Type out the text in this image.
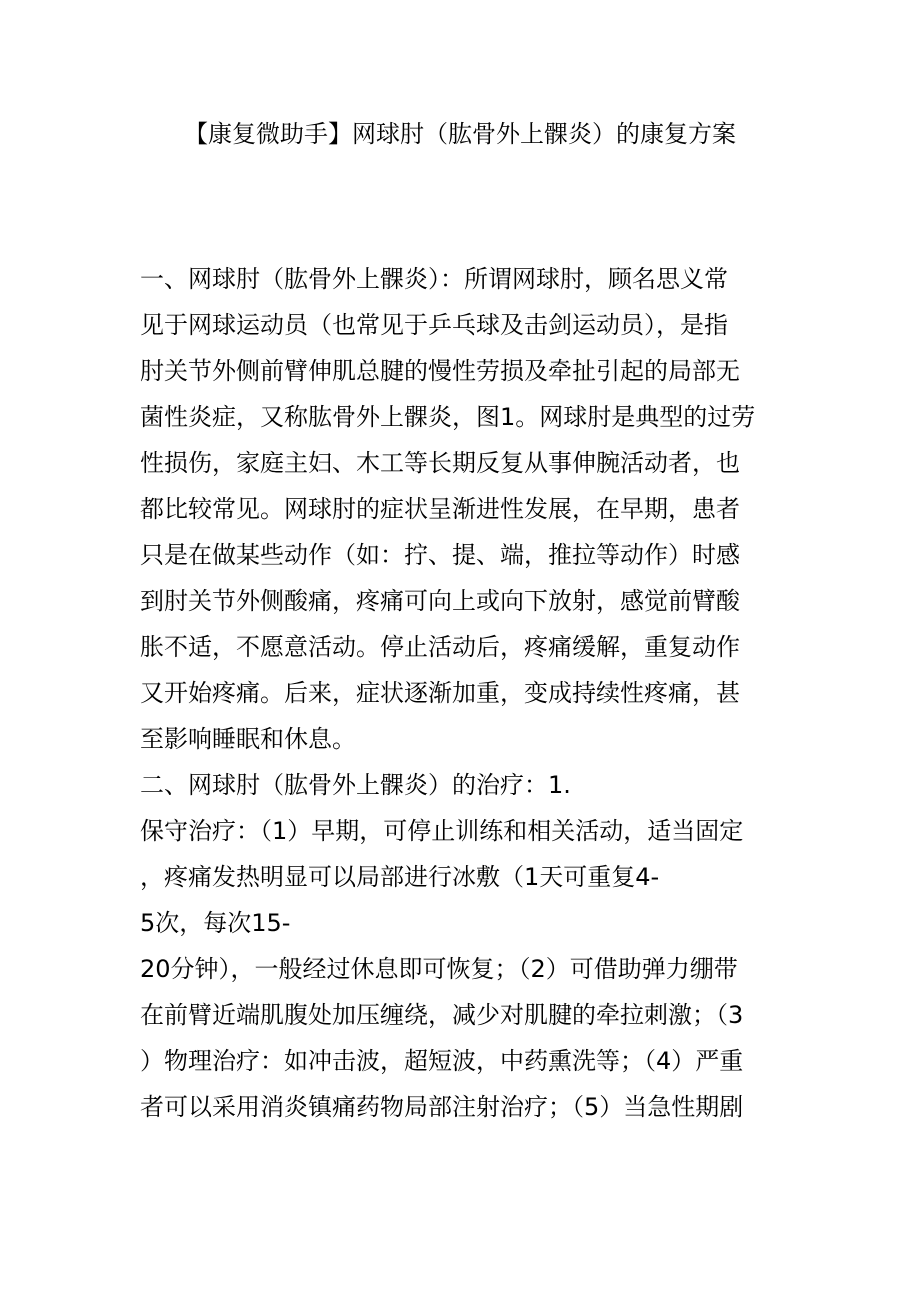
【康复微助手】网球肘（肱骨外上髁炎）的康复方案
一、网球肘（肱骨外上髁炎）：所谓网球肘，顾名思义常
见于网球运动员（也常见于乒乓球及击剑运动员），是指
肘关节外侧前臂伸肌总腱的慢性劳损及牵扯引起的局部无
菌性炎症，又称肱骨外上髁炎，图1。网球肘是典型的过劳
性损伤，家庭主妇、木工等长期反复从事伸腕活动者，也
都比较常见。网球肘的症状呈渐进性发展，在早期，患者
只是在做某些动作（如：拧、提、端，推拉等动作）时感
到肘关节外侧酸痛，疼痛可向上或向下放射，感觉前臂酸
胀不适，不愿意活动。停止活动后，疼痛缓解，重复动作
又开始疼痛。后来，症状逐渐加重，变成持续性疼痛，甚
至影响睡眠和休息。
二、网球肘（肱骨外上髁炎）的治疗：1.
保守治疗：（1）早期，可停止训练和相关活动，适当固定
，疼痛发热明显可以局部进行冰敷（1天可重复4-
5次，每次15-
20分钟），一般经过休息即可恢复；（2）可借助弹力绷带
在前臂近端肌腹处加压缠绕，减少对肌腱的牵拉刺激；（3
）物理治疗：如冲击波，超短波，中药熏洗等；（4）严重
者可以采用消炎镇痛药物局部注射治疗；（5）当急性期剧
